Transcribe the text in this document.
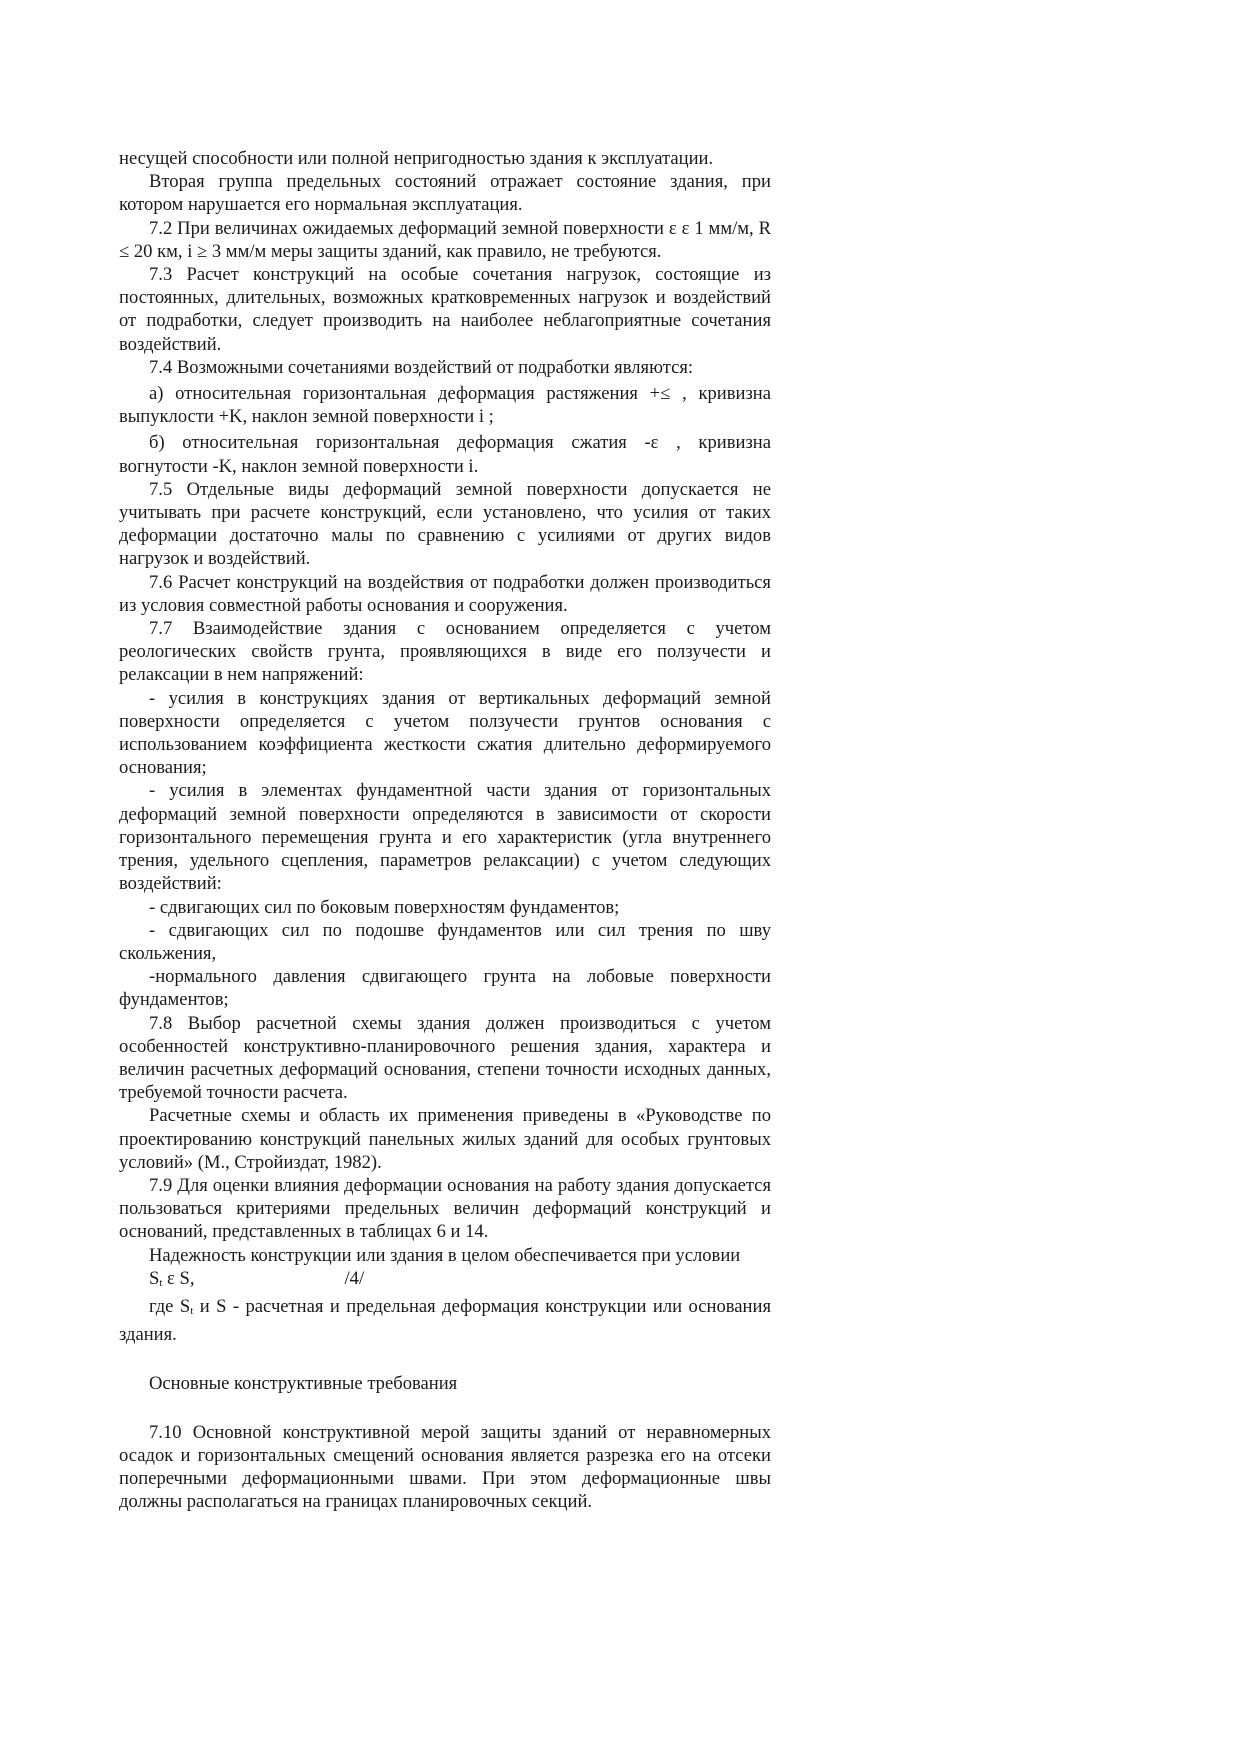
несущей способности или полной непригодностью здания к эксплуатации.

Вторая группа предельных состояний отражает состояние здания, при котором нарушается его нормальная эксплуатация.

7.2 При величинах ожидаемых деформаций земной поверхности ε ε 1 мм/м, R ≤ 20 км, i ≥ 3 мм/м меры защиты зданий, как правило, не требуются.

7.3 Расчет конструкций на особые сочетания нагрузок, состоящие из постоянных, длительных, возможных кратковременных нагрузок и воздействий от подработки, следует производить на наиболее неблагоприятные сочетания воздействий.

7.4 Возможными сочетаниями воздействий от подработки являются:

а) относительная горизонтальная деформация растяжения +≤ , кривизна выпуклости +K, наклон земной поверхности i ;

б) относительная горизонтальная деформация сжатия -ε , кривизна вогнутости -K, наклон земной поверхности i.

7.5 Отдельные виды деформаций земной поверхности допускается не учитывать при расчете конструкций, если установлено, что усилия от таких деформации достаточно малы по сравнению с усилиями от других видов нагрузок и воздействий.

7.6 Расчет конструкций на воздействия от подработки должен производиться из условия совместной работы основания и сооружения.

7.7 Взаимодействие здания с основанием определяется с учетом реологических свойств грунта, проявляющихся в виде его ползучести и релаксации в нем напряжений:

- усилия в конструкциях здания от вертикальных деформаций земной поверхности определяется с учетом ползучести грунтов основания с использованием коэффициента жесткости сжатия длительно деформируемого основания;

- усилия в элементах фундаментной части здания от горизонтальных деформаций земной поверхности определяются в зависимости от скорости горизонтального перемещения грунта и его характеристик (угла внутреннего трения, удельного сцепления, параметров релаксации) с учетом следующих воздействий:

- сдвигающих сил по боковым поверхностям фундаментов;

- сдвигающих сил по подошве фундаментов или сил трения по шву скольжения,

-нормального давления сдвигающего грунта на лобовые поверхности фундаментов;

7.8 Выбор расчетной схемы здания должен производиться с учетом особенностей конструктивно-планировочного решения здания, характера и величин расчетных деформаций основания, степени точности исходных данных, требуемой точности расчета.

Расчетные схемы и область их применения приведены в «Руководстве по проектированию конструкций панельных жилых зданий для особых грунтовых условий» (М., Стройиздат, 1982).

7.9 Для оценки влияния деформации основания на работу здания допускается пользоваться критериями предельных величин деформаций конструкций и оснований, представленных в таблицах 6 и 14.

Надежность конструкции или здания в целом обеспечивается при условии

$S_t$ ε S,	/4/

где $S_t$ и S - расчетная и предельная деформация конструкции или основания здания.

Основные конструктивные требования

7.10 Основной конструктивной мерой защиты зданий от неравномерных осадок и горизонтальных смещений основания является разрезка его на отсеки поперечными деформационными швами. При этом деформационные швы должны располагаться на границах планировочных секций.
